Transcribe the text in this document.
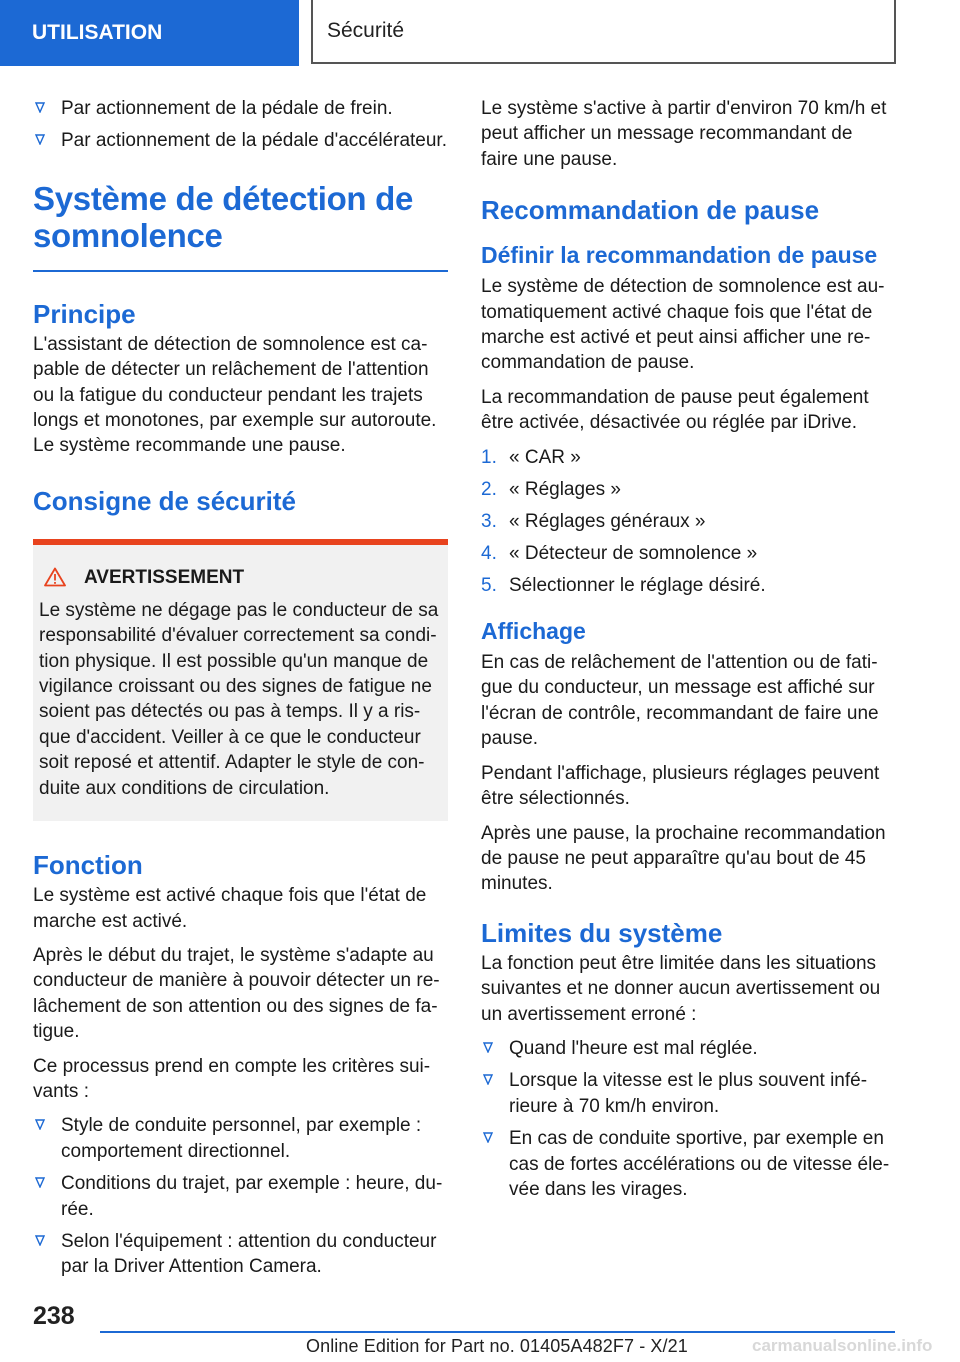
UTILISATION	Sécurité
Par actionnement de la pédale de frein.
Par actionnement de la pédale d'accélérateur.
Système de détection de somnolence
Principe

L'assistant de détection de somnolence est ca-pable de détecter un relâchement de l'attention ou la fatigue du conducteur pendant les trajets longs et monotones, par exemple sur autoroute. Le système recommande une pause.

Consigne de sécurité
AVERTISSEMENT

Le système ne dégage pas le conducteur de sa responsabilité d'évaluer correctement sa condi-tion physique. Il est possible qu'un manque de vigilance croissant ou des signes de fatigue ne soient pas détectés ou pas à temps. Il y a ris-que d'accident. Veiller à ce que le conducteur soit reposé et attentif. Adapter le style de con-duite aux conditions de circulation.

Fonction

Le système est activé chaque fois que l'état de marche est activé.

Après le début du trajet, le système s'adapte au conducteur de manière à pouvoir détecter un re-lâchement de son attention ou des signes de fa-tigue.

Ce processus prend en compte les critères sui-vants :

Style de conduite personnel, par exemple : comportement directionnel.
Conditions du trajet, par exemple : heure, du-rée.
Selon l'équipement : attention du conducteur par la Driver Attention Camera.

Le système s'active à partir d'environ 70 km/h et peut afficher un message recommandant de faire une pause.

Recommandation de pause
Définir la recommandation de pause

Le système de détection de somnolence est au-tomatiquement activé chaque fois que l'état de marche est activé et peut ainsi afficher une re-commandation de pause.

La recommandation de pause peut également être activée, désactivée ou réglée par iDrive.

1. « CAR »
2. « Réglages »
3. « Réglages généraux »
4. « Détecteur de somnolence »
5. Sélectionner le réglage désiré.
Affichage

En cas de relâchement de l'attention ou de fati-gue du conducteur, un message est affiché sur l'écran de contrôle, recommandant de faire une pause.

Pendant l'affichage, plusieurs réglages peuvent être sélectionnés.

Après une pause, la prochaine recommandation de pause ne peut apparaître qu'au bout de 45 minutes.

Limites du système

La fonction peut être limitée dans les situations suivantes et ne donner aucun avertissement ou un avertissement erroné :

Quand l'heure est mal réglée.
Lorsque la vitesse est le plus souvent infé-rieure à 70 km/h environ.
En cas de conduite sportive, par exemple en cas de fortes accélérations ou de vitesse éle-vée dans les virages.
238
Online Edition for Part no. 01405A482F7 - X/21	carmanualsonline.info
